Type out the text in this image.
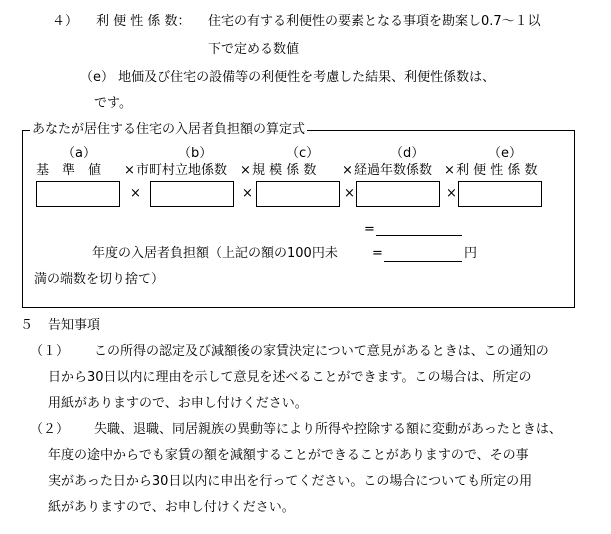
４） 利 便 性 係 数： 住宅の有する利便性の要素となる事項を勘案し0.7～１以
下で定める数値
（e） 地価及び住宅の設備等の利便性を考慮した結果、利便性係数は、
です。
あなたが居住する住宅の入居者負担額の算定式
（a）	（b）	（c）	（d）	（e）
基　準　値 × 市町村立地係数 × 規 模 係 数 × 経過年数係数 × 利 便 性 係 数
×	×	×	×
=
年度の入居者負担額（上記の額の100円未	=	円
満の端数を切り捨て）
５ 告知事項
（１） この所得の認定及び減額後の家賃決定について意見があるときは、この通知の
日から30日以内に理由を示して意見を述べることができます。この場合は、所定の
用紙がありますので、お申し付けください。
（２） 失職、退職、同居親族の異動等により所得や控除する額に変動があったときは、
年度の途中からでも家賃の額を減額することができることがありますので、その事
実があった日から30日以内に申出を行ってください。この場合についても所定の用
紙がありますので、お申し付けください。
